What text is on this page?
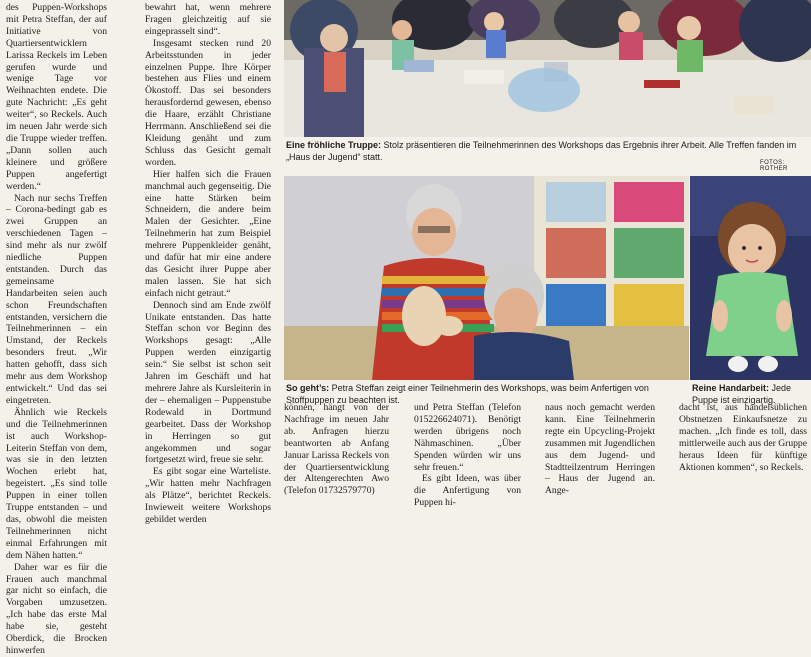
des Puppen-Workshops mit Petra Steffan, der auf Initiative von Quartiersentwicklern Larissa Reckels im Leben gerufen wurde und wenige Tage vor Weihnachten endete. Die gute Nachricht: „Es geht weiter“, so Reckels. Auch im neuen Jahr werde sich die Truppe wieder treffen. „Dann sollen auch kleinere und größere Puppen angefertigt werden.“

Nach nur sechs Treffen – Corona-bedingt gab es zwei Gruppen an verschiedenen Tagen – sind mehr als nur zwölf niedliche Puppen entstanden. Durch das gemeinsame Handarbeiten seien auch schon Freundschaften entstanden, versichern die Teilnehmerinnen – ein Umstand, der Reckels besonders freut. „Wir hatten gehofft, dass sich mehr aus dem Workshop entwickelt.“ Und das sei eingetreten.

Ähnlich wie Reckels und die Teilnehmerinnen ist auch Workshop-Leiterin Steffan von dem, was sie in den letzten Wochen erlebt hat, begeistert. „Es sind tolle Puppen in einer tollen Truppe entstanden – und das, obwohl die meisten Teilnehmerinnen nicht einmal Erfahrungen mit dem Nähen hatten.“

Daher war es für die Frauen auch manchmal gar nicht so einfach, die Vorgaben umzusetzen. „Ich habe das erste Mal habe sie, gesteht Oberdick, die Brocken hinwerfen

bewahrt hat, wenn mehrere Fragen gleichzeitig auf sie eingeprasselt sind“.

Insgesamt stecken rund 20 Arbeitsstunden in jeder einzelnen Puppe. Ihre Körper bestehen aus Flies und einem Ökostoff. Das sei besonders herausfordernd gewesen, ebenso die Haare, erzählt Christiane Herrmann. Anschließend sei die Kleidung genäht und zum Schluss das Gesicht gemalt worden.

Hier halfen sich die Frauen manchmal auch gegenseitig. Die eine hatte Stärken beim Schneidern, die andere beim Malen der Gesichter. „Eine Teilnehmerin hat zum Beispiel mehrere Puppenkleider genäht, und dafür hat mir eine andere das Gesicht ihrer Puppe aber malen lassen. Sie hat sich einfach nicht getraut.“

Dennoch sind am Ende zwölf Unikate entstanden. Das hatte Steffan schon vor Beginn des Workshops gesagt: „Alle Puppen werden einzigartig sein.“ Sie selbst ist schon seit Jahren im Geschäft und hat mehrere Jahre als Kursleiterin in der – ehemaligen – Puppenstube Rodewald in Dortmund gearbeitet. Dass der Workshop in Herringen so gut angekommen und sogar fortgesetzt wird, freue sie sehr.

Es gibt sogar eine Warteliste. „Wir hatten mehr Nachfragen als Plätze“, berichtet Reckels. Inwieweit weitere Workshops gebildet werden

Eine fröhliche Truppe: Stolz präsentieren die Teilnehmerinnen des Workshops das Ergebnis ihrer Arbeit. Alle Treffen fanden im „Haus der Jugend“ statt.
FOTOS: ROTHER
So geht’s: Petra Steffan zeigt einer Teilnehmerin des Workshops, was beim Anfertigen von Stoffpuppen zu beachten ist.
Reine Handarbeit: Jede Puppe ist einzigartig.

können, hängt von der Nachfrage im neuen Jahr ab. Anfragen hierzu beantworten ab Anfang Januar Larissa Reckels von der Quartiersentwicklung der Altengerechten Awo (Telefon 01732579770)

und Petra Steffan (Telefon 015226624071). Benötigt werden übrigens noch Nähmaschinen. „Über Spenden würden wir uns sehr freuen.“

Es gibt Ideen, was über die Anfertigung von Puppen hi-

naus noch gemacht werden kann. Eine Teilnehmerin regte ein Upcycling-Projekt zusammen mit Jugendlichen aus dem Jugend- und Stadtteilzentrum Herringen – Haus der Jugend an. Ange-

dacht ist, aus handelsüblichen Obstnetzen Einkaufsnetze zu machen. „Ich finde es toll, dass mittlerweile auch aus der Gruppe heraus Ideen für künftige Aktionen kommen“, so Reckels.
